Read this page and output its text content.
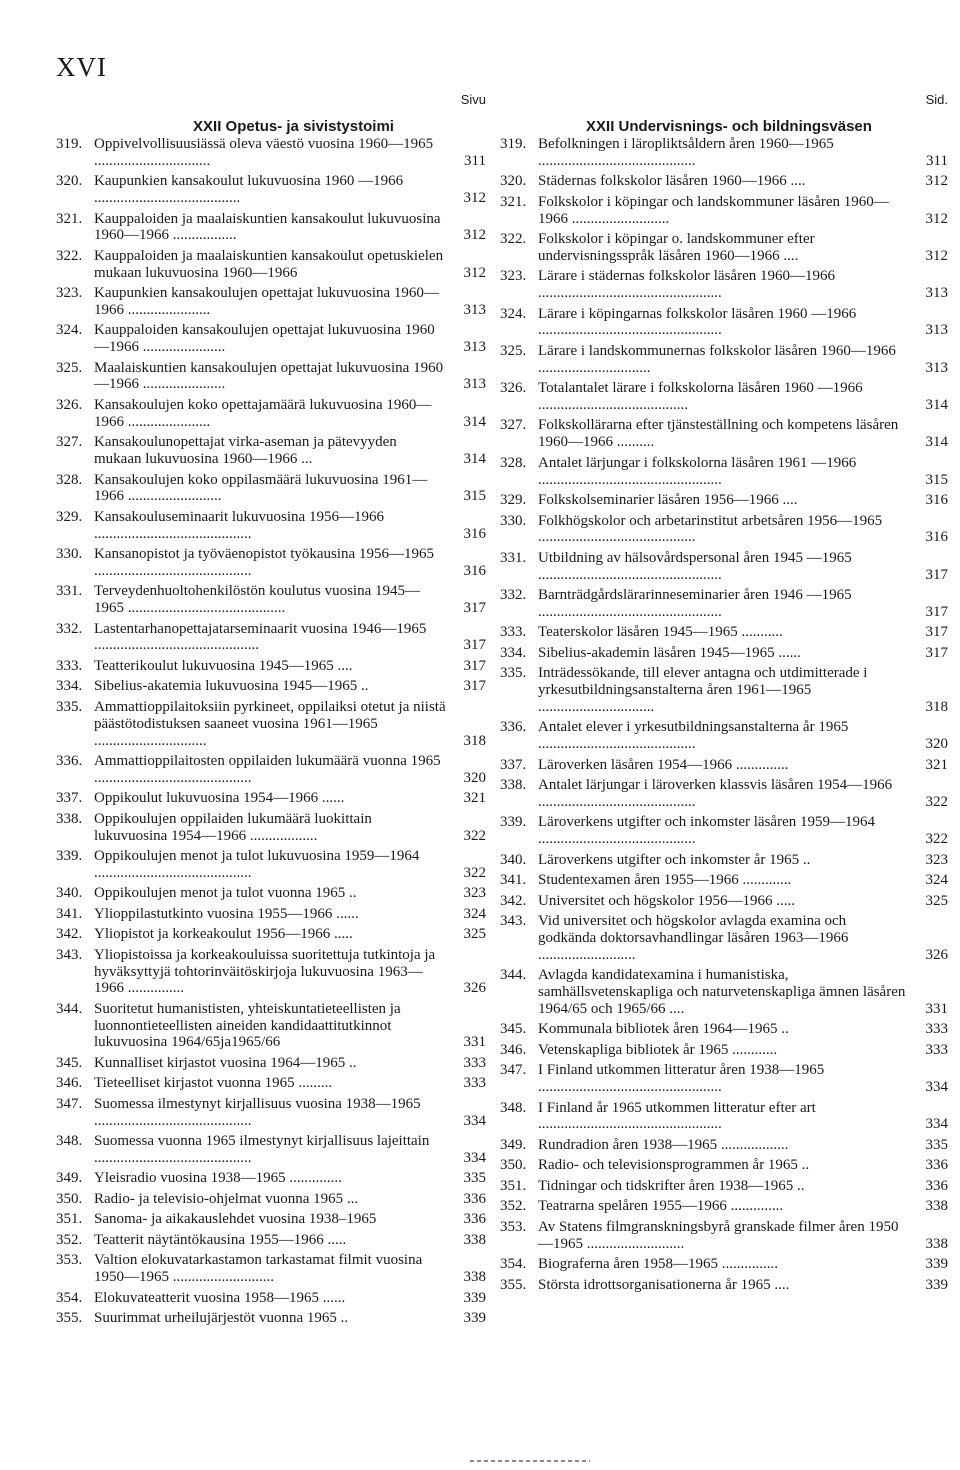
XVI
Sivu
XXII Opetus- ja sivistystoimi
319. Oppivelvollisuusiässä oleva väestö vuosina 1960—1965 ...............................	311
320. Kaupunkien kansakoulut lukuvuosina 1960 —1966 .......................................	312
321. Kauppaloiden ja maalaiskuntien kansakoulut lukuvuosina 1960—1966 .................	312
322. Kauppaloiden ja maalaiskuntien kansakoulut opetuskielen mukaan lukuvuosina 1960—1966	312
323. Kaupunkien kansakoulujen opettajat lukuvuosina 1960—1966 ......................	313
324. Kauppaloiden kansakoulujen opettajat lukuvuosina 1960—1966 ......................	313
325. Maalaiskuntien kansakoulujen opettajat lukuvuosina 1960—1966 ......................	313
326. Kansakoulujen koko opettajamäärä lukuvuosina 1960—1966 ......................	314
327. Kansakoulunopettajat virka-aseman ja pätevyyden mukaan lukuvuosina 1960—1966 ...	314
328. Kansakoulujen koko oppilasmäärä lukuvuosina 1961—1966 .........................	315
329. Kansakouluseminaarit lukuvuosina 1956—1966 ..........................................	316
330. Kansanopistot ja työväenopistot työkausina 1956—1965 ..........................................	316
331. Terveydenhuoltohenkilöstön koulutus vuosina 1945—1965 ..........................................	317
332. Lastentarhanopettajatarseminaarit vuosina 1946—1965 ............................................	317
333. Teatterikoulut lukuvuosina 1945—1965 ....	317
334. Sibelius-akatemia lukuvuosina 1945—1965 ..	317
335. Ammattioppilaitoksiin pyrkineet, oppilaiksi otetut ja niistä päästötodistuksen saaneet vuosina 1961—1965 ..............................	318
336. Ammattioppilaitosten oppilaiden lukumäärä vuonna 1965 ..........................................	320
337. Oppikoulut lukuvuosina 1954—1966 ......	321
338. Oppikoulujen oppilaiden lukumäärä luokittain lukuvuosina 1954—1966 ..................	322
339. Oppikoulujen menot ja tulot lukuvuosina 1959—1964 ..........................................	322
340. Oppikoulujen menot ja tulot vuonna 1965 ..	323
341. Ylioppilastutkinto vuosina 1955—1966 ......	324
342. Yliopistot ja korkeakoulut 1956—1966 .....	325
343. Yliopistoissa ja korkeakouluissa suoritettuja tutkintoja ja hyväksyttyjä tohtorinväitöskirjoja lukuvuosina 1963—1966 ...............	326
344. Suoritetut humanististen, yhteiskuntatieteellisten ja luonnontieteellisten aineiden kandidaattitutkinnot lukuvuosina 1964/65ja1965/66	331
345. Kunnalliset kirjastot vuosina 1964—1965 ..	333
346. Tieteelliset kirjastot vuonna 1965 .........	333
347. Suomessa ilmestynyt kirjallisuus vuosina 1938—1965 ..........................................	334
348. Suomessa vuonna 1965 ilmestynyt kirjallisuus lajeittain ..........................................	334
349. Yleisradio vuosina 1938—1965 ..............	335
350. Radio- ja televisio-ohjelmat vuonna 1965 ...	336
351. Sanoma- ja aikakauslehdet vuosina 1938–1965	336
352. Teatterit näytäntökausina 1955—1966 .....	338
353. Valtion elokuvatarkastamon tarkastamat filmit vuosina 1950—1965 ...........................	338
354. Elokuvateatterit vuosina 1958—1965 ......	339
355. Suurimmat urheilujärjestöt vuonna 1965 ..	339
Sid.
XXII Undervisnings- och bildningsväsen
319. Befolkningen i läropliktsåldern åren 1960—1965 ..........................................	311
320. Städernas folkskolor läsåren 1960—1966 ....	312
321. Folkskolor i köpingar och landskommuner läsåren 1960—1966 ..........................	312
322. Folkskolor i köpingar o. landskommuner efter undervisningsspråk läsåren 1960—1966 ....	312
323. Lärare i städernas folkskolor läsåren 1960—1966 .................................................	313
324. Lärare i köpingarnas folkskolor läsåren 1960 —1966 .................................................	313
325. Lärare i landskommunernas folkskolor läsåren 1960—1966 ..............................	313
326. Totalantalet lärare i folkskolorna läsåren 1960 —1966 ........................................	314
327. Folkskollärarna efter tjänsteställning och kompetens läsåren 1960—1966 ..........	314
328. Antalet lärjungar i folkskolorna läsåren 1961 —1966 .................................................	315
329. Folkskolseminarier läsåren 1956—1966 ....	316
330. Folkhögskolor och arbetarinstitut arbetsåren 1956—1965 ..........................................	316
331. Utbildning av hälsovårdspersonal åren 1945 —1965 .................................................	317
332. Barnträdgårdslärarinneseminarier åren 1946 —1965 .................................................	317
333. Teaterskolor läsåren 1945—1965 ...........	317
334. Sibelius-akademin läsåren 1945—1965 ......	317
335. Inträdessökande, till elever antagna och utdimitterade i yrkesutbildningsanstalterna åren 1961—1965 ...............................	318
336. Antalet elever i yrkesutbildningsanstalterna år 1965 ..........................................	320
337. Läroverken läsåren 1954—1966 ..............	321
338. Antalet lärjungar i läroverken klassvis läsåren 1954—1966 ..........................................	322
339. Läroverkens utgifter och inkomster läsåren 1959—1964 ..........................................	322
340. Läroverkens utgifter och inkomster år 1965 ..	323
341. Studentexamen åren 1955—1966 .............	324
342. Universitet och högskolor 1956—1966 .....	325
343. Vid universitet och högskolor avlagda examina och godkända doktorsavhandlingar läsåren 1963—1966 ..........................	326
344. Avlagda kandidatexamina i humanistiska, samhällsvetenskapliga och naturvetenskapliga ämnen läsåren 1964/65 och 1965/66 ....	331
345. Kommunala bibliotek åren 1964—1965 ..	333
346. Vetenskapliga bibliotek år 1965 ............	333
347. I Finland utkommen litteratur åren 1938—1965 .................................................	334
348. I Finland år 1965 utkommen litteratur efter art .................................................	334
349. Rundradion åren 1938—1965 ..................	335
350. Radio- och televisionsprogrammen år 1965 ..	336
351. Tidningar och tidskrifter åren 1938—1965 ..	336
352. Teatrarna spelåren 1955—1966 ..............	338
353. Av Statens filmgranskningsbyrå granskade filmer åren 1950—1965 ..........................	338
354. Biograferna åren 1958—1965 ...............	339
355. Största idrottsorganisationerna år 1965 ....	339
